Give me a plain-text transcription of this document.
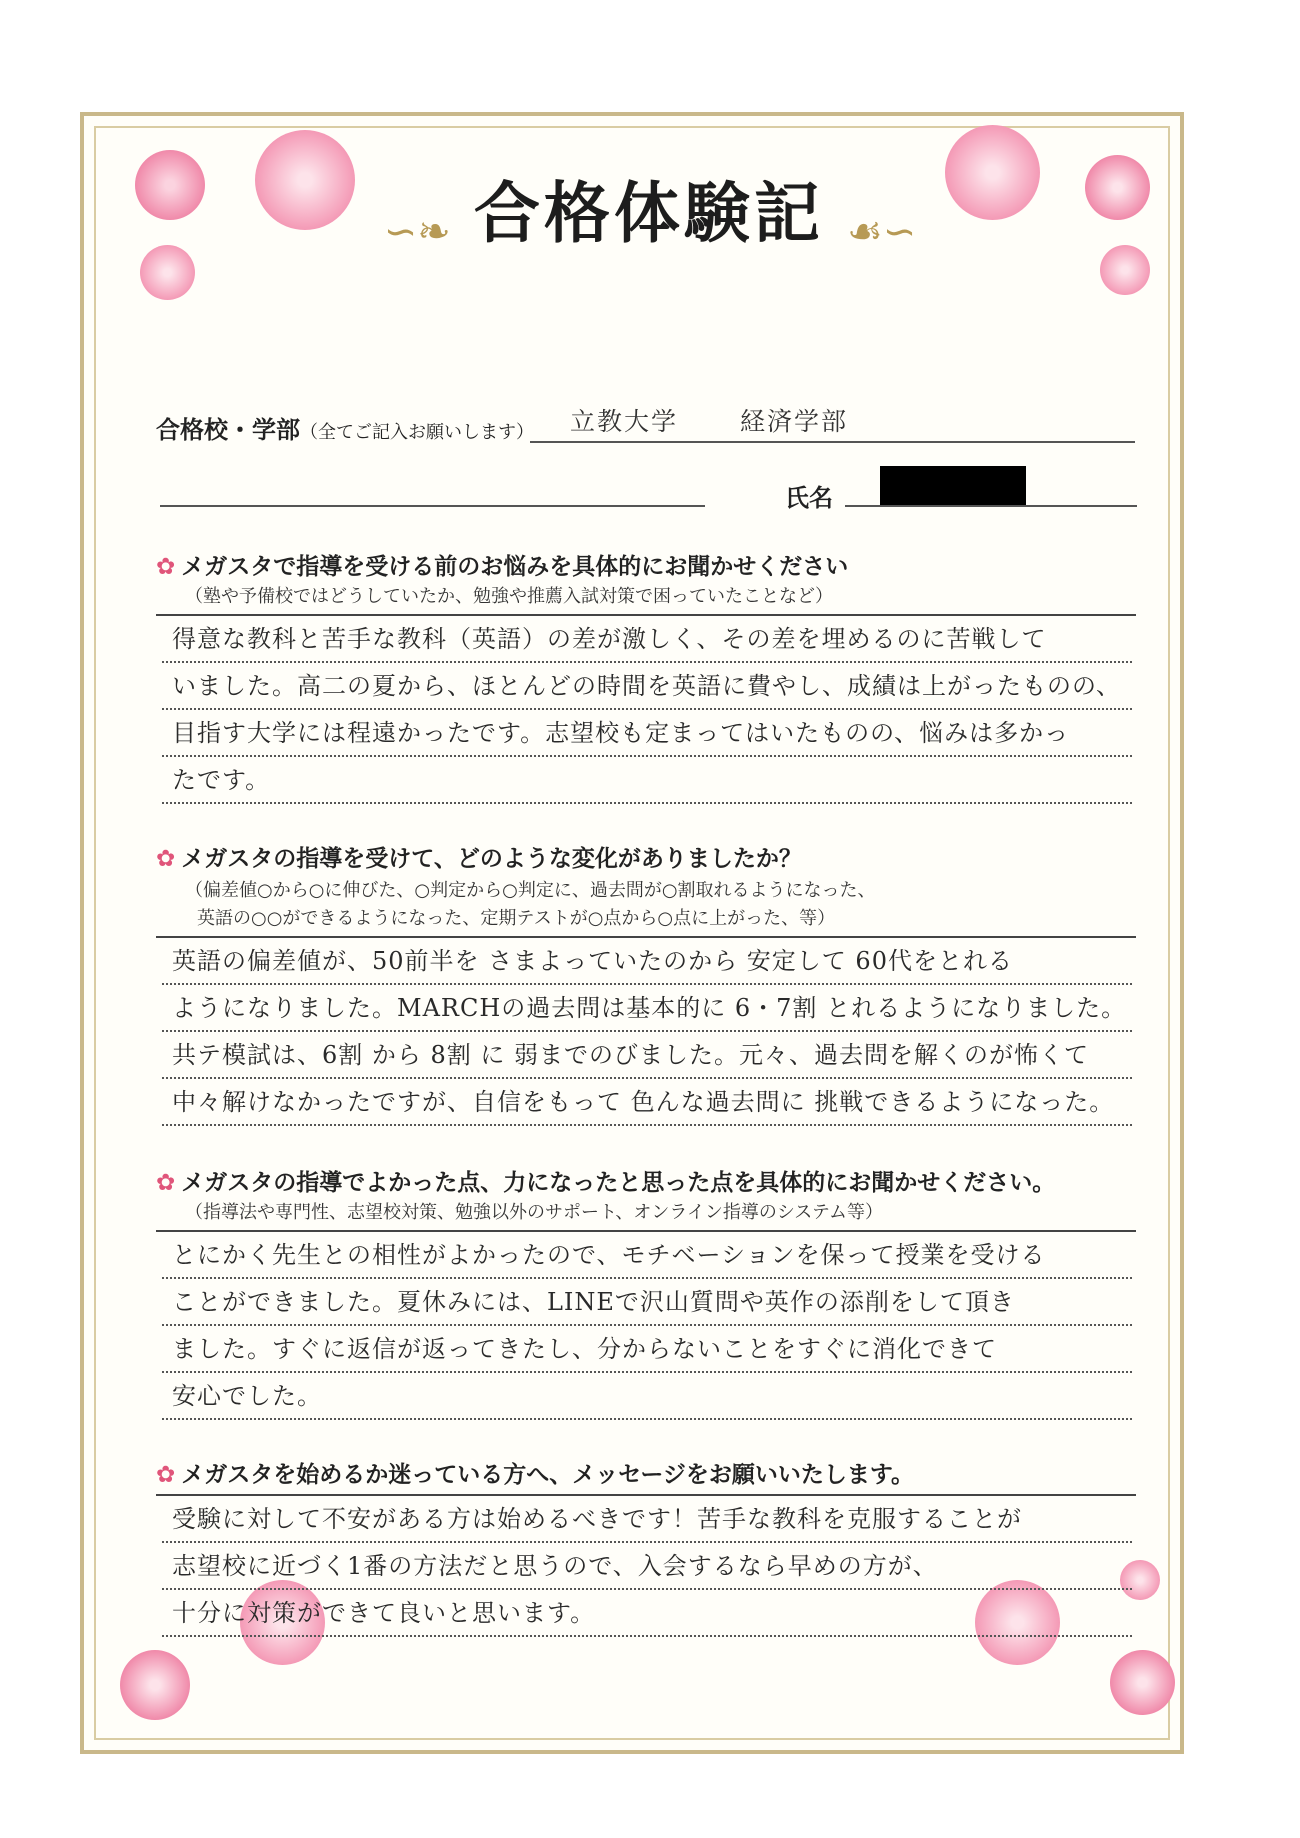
∽❧ 合格体験記 ☙∽
合格校・学部（全てご記入お願いします） 立教大学 経済学部
氏名
✿ メガスタで指導を受ける前のお悩みを具体的にお聞かせください
（塾や予備校ではどうしていたか、勉強や推薦入試対策で困っていたことなど）
得意な教科と苦手な教科（英語）の差が激しく、その差を埋めるのに苦戦して
いました。高二の夏から、ほとんどの時間を英語に費やし、成績は上がったものの、
目指す大学には程遠かったです。志望校も定まってはいたものの、悩みは多かっ
たです。
✿ メガスタの指導を受けて、どのような変化がありましたか？
（偏差値○から○に伸びた、○判定から○判定に、過去問が○割取れるようになった、
英語の○○ができるようになった、定期テストが○点から○点に上がった、等）
英語の偏差値が、50前半を さまよっていたのから 安定して 60代をとれる
ようになりました。MARCHの過去問は基本的に 6・7割 とれるようになりました。
共テ模試は、6割 から 8割 に 弱までのびました。元々、過去問を解くのが怖くて
中々解けなかったですが、自信をもって 色んな過去問に 挑戦できるようになった。
✿ メガスタの指導でよかった点、力になったと思った点を具体的にお聞かせください。
（指導法や専門性、志望校対策、勉強以外のサポート、オンライン指導のシステム等）
とにかく先生との相性がよかったので、モチベーションを保って授業を受ける
ことができました。夏休みには、LINEで沢山質問や英作の添削をして頂き
ました。すぐに返信が返ってきたし、分からないことをすぐに消化できて
安心でした。
✿ メガスタを始めるか迷っている方へ、メッセージをお願いいたします。
受験に対して不安がある方は始めるべきです！苦手な教科を克服することが
志望校に近づく1番の方法だと思うので、入会するなら早めの方が、
十分に対策ができて良いと思います。
